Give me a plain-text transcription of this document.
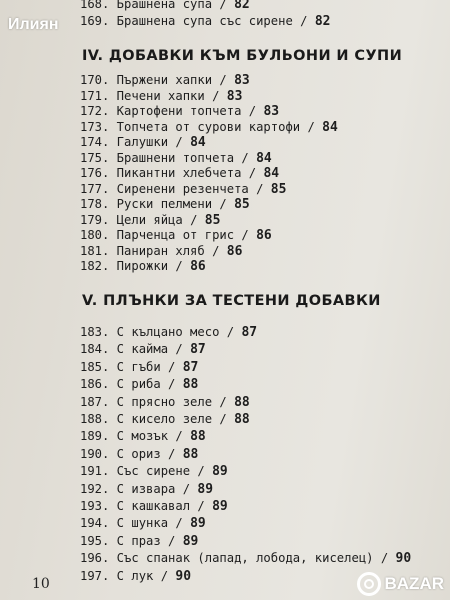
Илиян
168. Брашнена супа / 82
169. Брашнена супа със сирене / 82
IV. ДОБАВКИ КЪМ БУЛЬОНИ И СУПИ
170. Пържени хапки / 83
171. Печени хапки / 83
172. Картофени топчета / 83
173. Топчета от сурови картофи / 84
174. Галушки / 84
175. Брашнени топчета / 84
176. Пикантни хлебчета / 84
177. Сиренени резенчета / 85
178. Руски пелмени / 85
179. Цели яйца / 85
180. Парченца от грис / 86
181. Паниран хляб / 86
182. Пирожки / 86
V. ПЛЪНКИ ЗА ТЕСТЕНИ ДОБАВКИ
183. С кълцано месо / 87
184. С кайма / 87
185. С гъби / 87
186. С риба / 88
187. С прясно зеле / 88
188. С кисело зеле / 88
189. С мозък / 88
190. С ориз / 88
191. Със сирене / 89
192. С извара / 89
193. С кашкавал / 89
194. С шунка / 89
195. С праз / 89
196. Със спанак (лапад, лобода, киселец) / 90
197. С лук / 90
10	BAZAR
